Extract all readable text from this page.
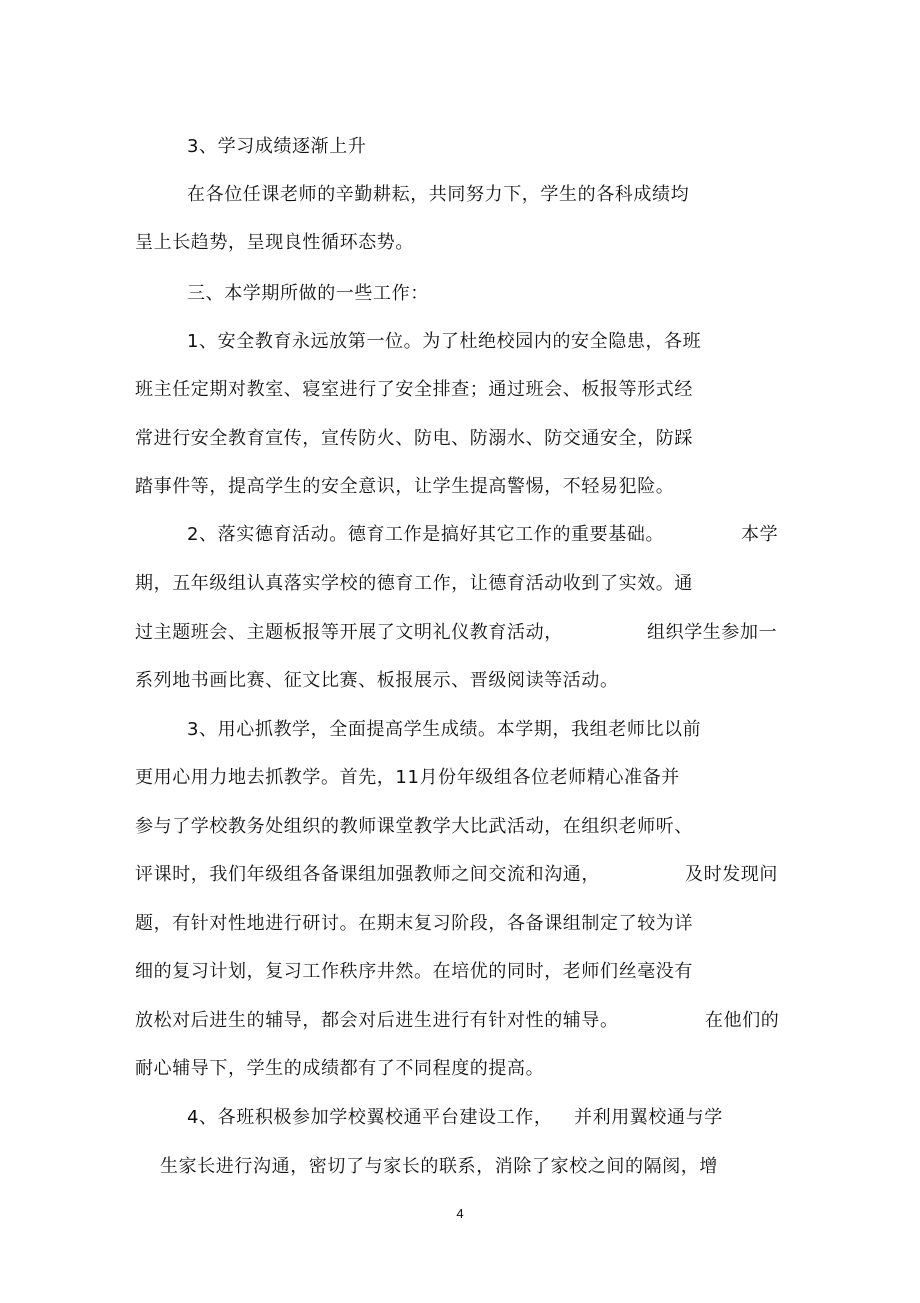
3、学习成绩逐渐上升
在各位任课老师的辛勤耕耘，共同努力下，学生的各科成绩均
呈上长趋势，呈现良性循环态势。
三、本学期所做的一些工作：
1、安全教育永远放第一位。为了杜绝校园内的安全隐患，各班
班主任定期对教室、寝室进行了安全排查；通过班会、板报等形式经
常进行安全教育宣传，宣传防火、防电、防溺水、防交通安全，防踩
踏事件等，提高学生的安全意识，让学生提高警惕，不轻易犯险。
2、落实德育活动。德育工作是搞好其它工作的重要基础。	本学
期，五年级组认真落实学校的德育工作，让德育活动收到了实效。通
过主题班会、主题板报等开展了文明礼仪教育活动，	组织学生参加一
系列地书画比赛、征文比赛、板报展示、晋级阅读等活动。
3、用心抓教学，全面提高学生成绩。本学期，我组老师比以前
更用心用力地去抓教学。首先，11月份年级组各位老师精心准备并
参与了学校教务处组织的教师课堂教学大比武活动，在组织老师听、
评课时，我们年级组各备课组加强教师之间交流和沟通，	及时发现问
题，有针对性地进行研讨。在期末复习阶段，各备课组制定了较为详
细的复习计划，复习工作秩序井然。在培优的同时，老师们丝毫没有
放松对后进生的辅导，都会对后进生进行有针对性的辅导。	在他们的
耐心辅导下，学生的成绩都有了不同程度的提高。
4、各班积极参加学校翼校通平台建设工作， 并利用翼校通与学
生家长进行沟通，密切了与家长的联系，消除了家校之间的隔阂，增
4
